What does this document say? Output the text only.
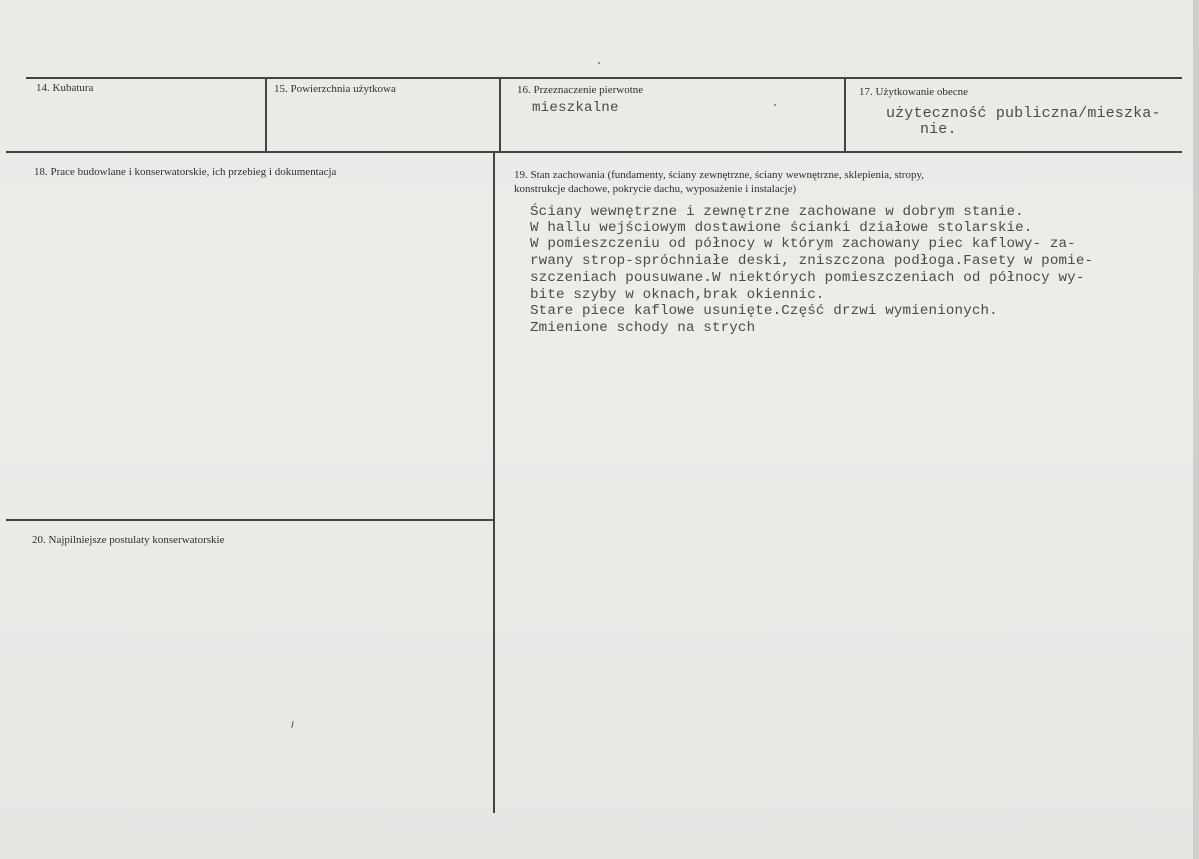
14. Kubatura	15. Powierzchnia użytkowa	16. Przeznaczenie pierwotne
mieszkalne
17. Użytkowanie obecne
użyteczność publiczna/mieszka-
nie.
18. Prace budowlane i konserwatorskie, ich przebieg i dokumentacja	19. Stan zachowania (fundamenty, ściany zewnętrzne, ściany wewnętrzne, sklepienia, stropy,
konstrukcje dachowe, pokrycie dachu, wyposażenie i instalacje)
Ściany wewnętrzne i zewnętrzne zachowane w dobrym stanie.
W hallu wejściowym dostawione ścianki działowe stolarskie.
W pomieszczeniu od północy w którym zachowany piec kaflowy- za-
rwany strop-spróchniałe deski, zniszczona podłoga.Fasety w pomie-
szczeniach pousuwane.W niektórych pomieszczeniach od północy wy-
bite szyby w oknach,brak okiennic.
Stare piece kaflowe usunięte.Część drzwi wymienionych.
Zmienione schody na strych
20. Najpilniejsze postulaty konserwatorskie
